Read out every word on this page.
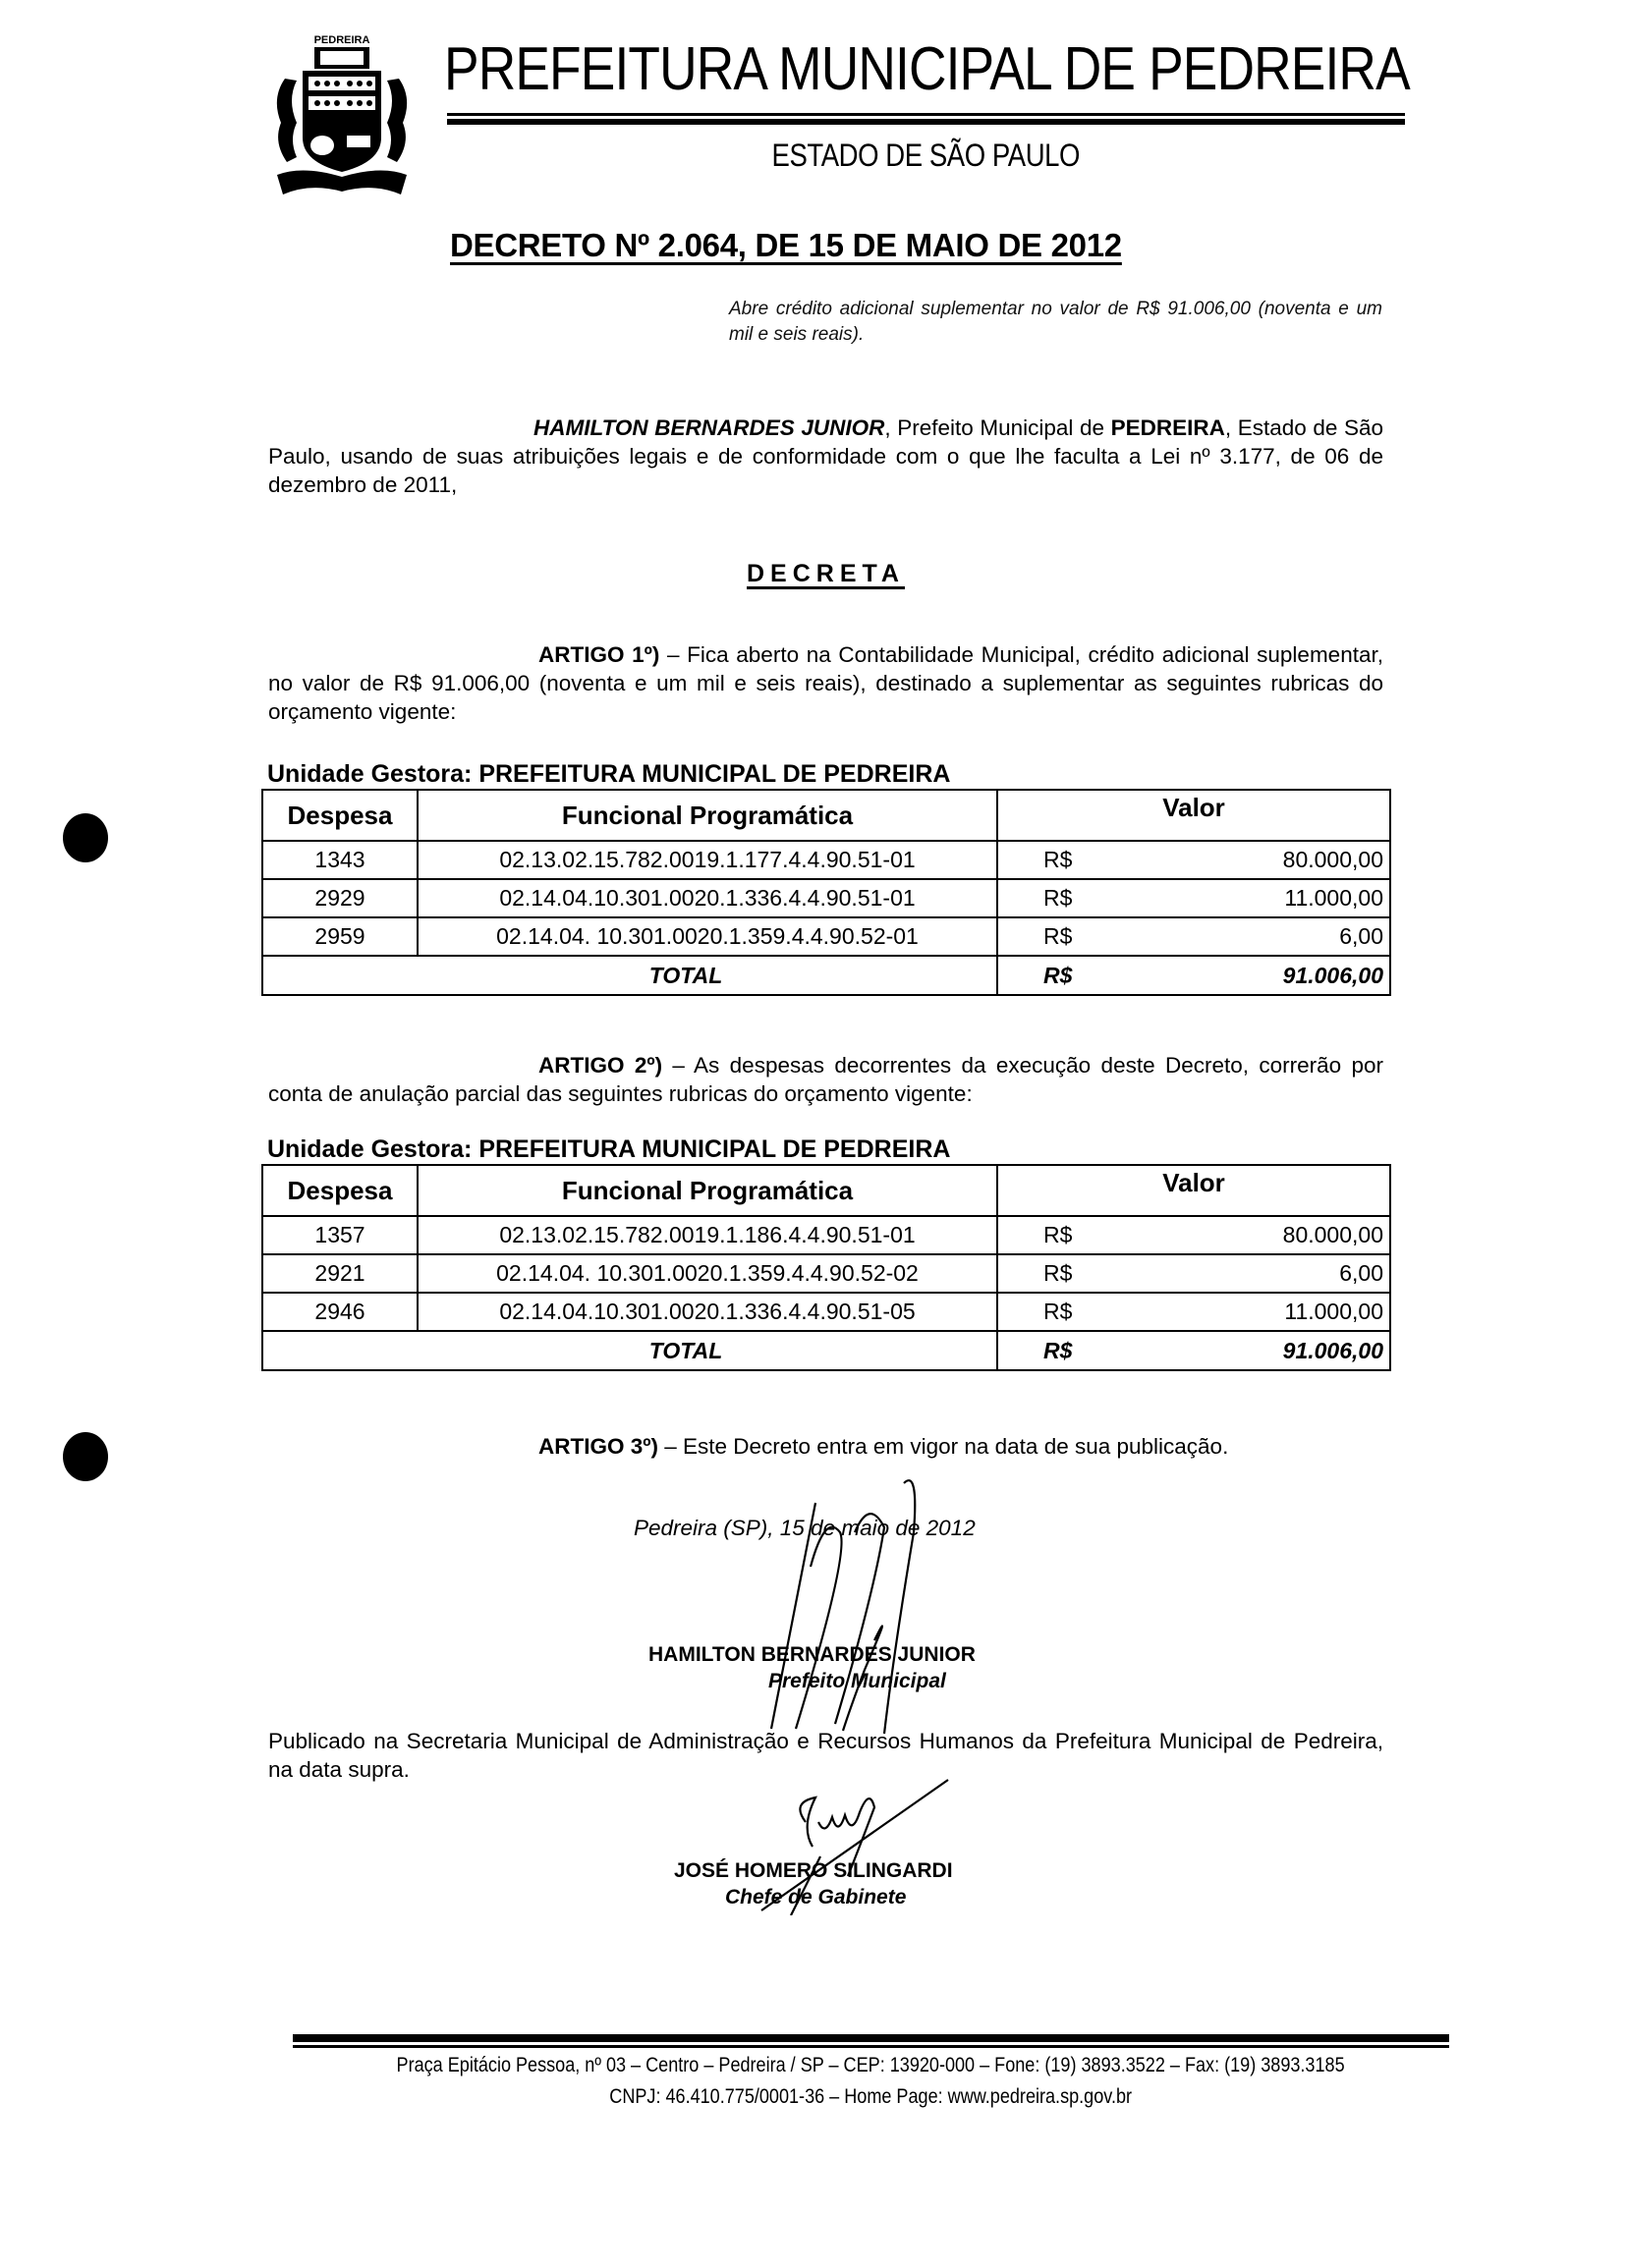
PEDREIRA PREFEITURA MUNICIPAL DE PEDREIRA
ESTADO DE SÃO PAULO
DECRETO Nº 2.064, DE 15 DE MAIO DE 2012
Abre crédito adicional suplementar no valor de R$ 91.006,00 (noventa e um mil e seis reais).
HAMILTON BERNARDES JUNIOR, Prefeito Municipal de PEDREIRA, Estado de São Paulo, usando de suas atribuições legais e de conformidade com o que lhe faculta a Lei nº 3.177, de 06 de dezembro de 2011,
DECRETA
ARTIGO 1º) – Fica aberto na Contabilidade Municipal, crédito adicional suplementar, no valor de R$ 91.006,00 (noventa e um mil e seis reais), destinado a suplementar as seguintes rubricas do orçamento vigente:
Unidade Gestora: PREFEITURA MUNICIPAL DE PEDREIRA
Despesa	Funcional Programática	Valor	
1343	02.13.02.15.782.0019.1.177.4.4.90.51-01	R$	80.000,00
2929	02.14.04.10.301.0020.1.336.4.4.90.51-01	R$	11.000,00
2959	02.14.04. 10.301.0020.1.359.4.4.90.52-01	R$	6,00
TOTAL		R$	91.006,00
ARTIGO 2º) – As despesas decorrentes da execução deste Decreto, correrão por conta de anulação parcial das seguintes rubricas do orçamento vigente:
Unidade Gestora: PREFEITURA MUNICIPAL DE PEDREIRA
Despesa	Funcional Programática	Valor	
1357	02.13.02.15.782.0019.1.186.4.4.90.51-01	R$	80.000,00
2921	02.14.04. 10.301.0020.1.359.4.4.90.52-02	R$	6,00
2946	02.14.04.10.301.0020.1.336.4.4.90.51-05	R$	11.000,00
TOTAL		R$	91.006,00
ARTIGO 3º) – Este Decreto entra em vigor na data de sua publicação.
Pedreira (SP), 15 de maio de 2012
HAMILTON BERNARDES JUNIOR
Prefeito Municipal
Publicado na Secretaria Municipal de Administração e Recursos Humanos da Prefeitura Municipal de Pedreira, na data supra.
JOSÉ HOMERO SILINGARDI
Chefe de Gabinete
Praça Epitácio Pessoa, nº 03 – Centro – Pedreira / SP – CEP: 13920-000 – Fone: (19) 3893.3522 – Fax: (19) 3893.3185
CNPJ: 46.410.775/0001-36 – Home Page: www.pedreira.sp.gov.br
